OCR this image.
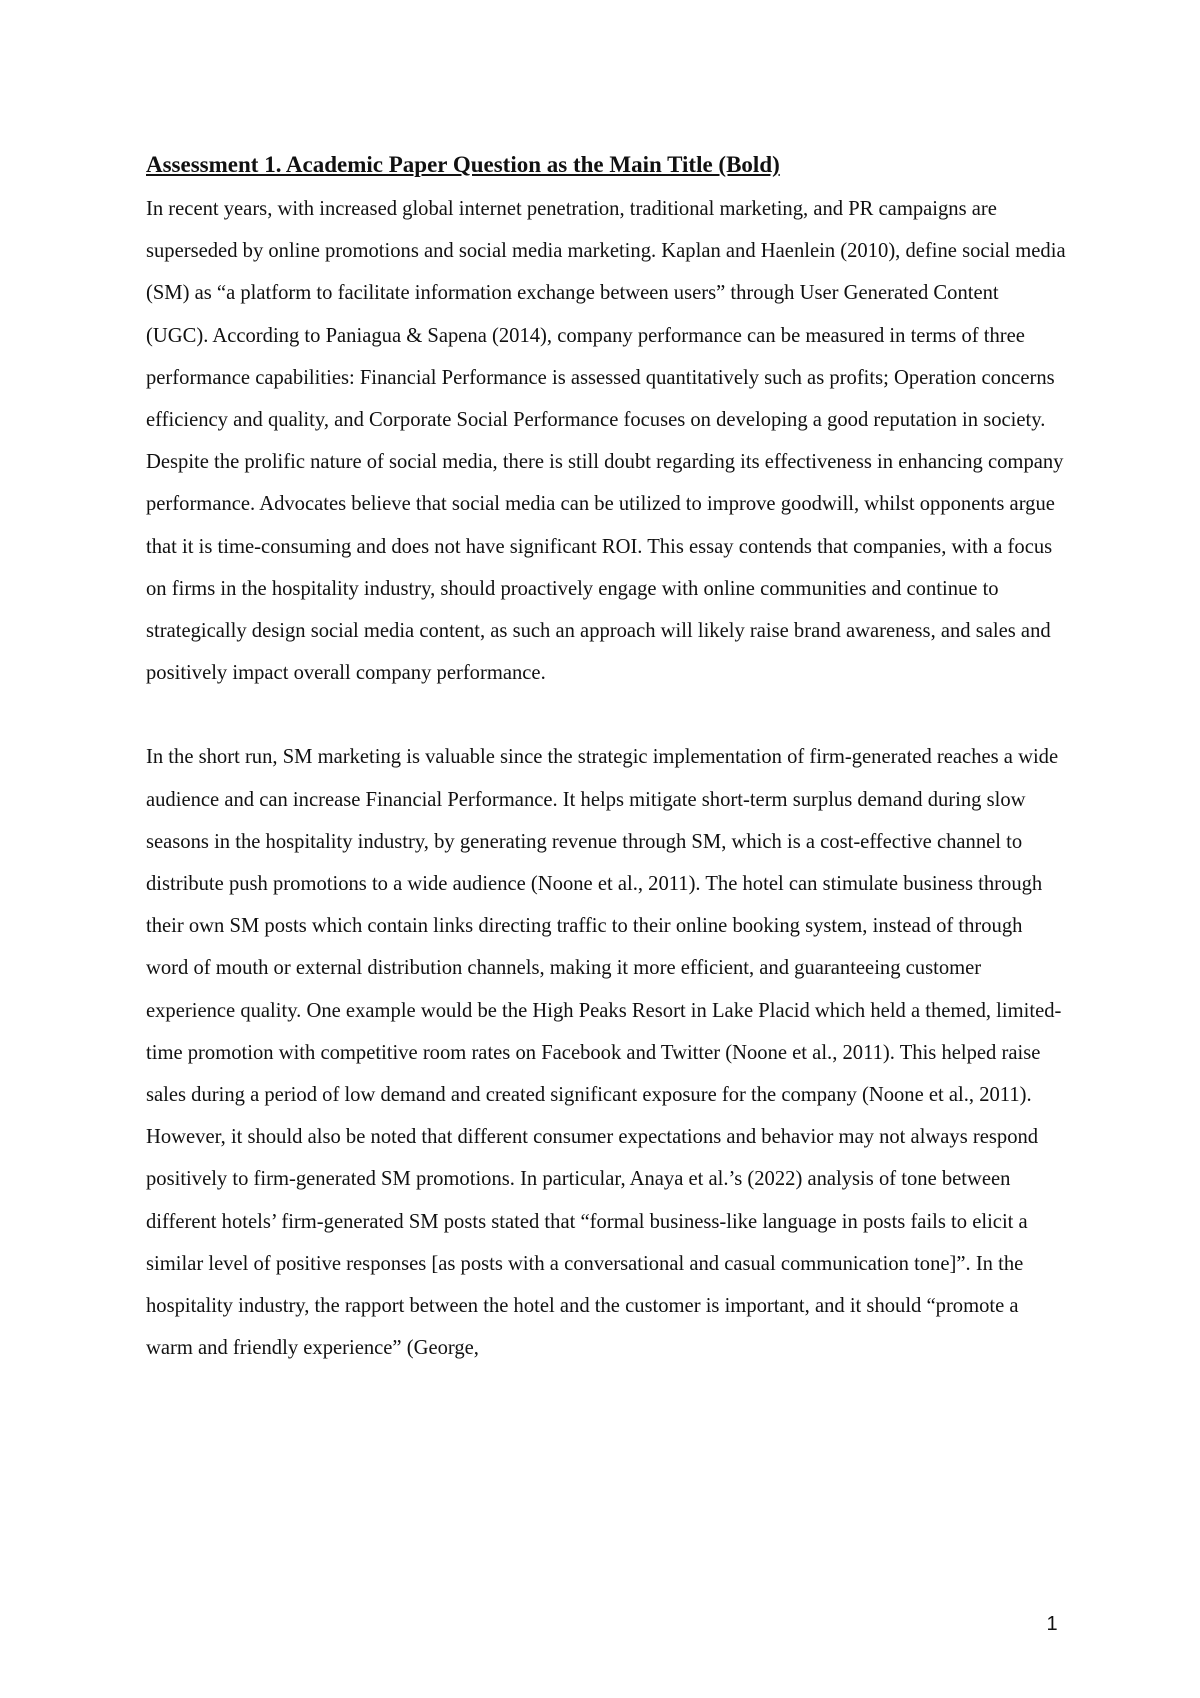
Assessment 1. Academic Paper Question as the Main Title (Bold)

In recent years, with increased global internet penetration, traditional marketing, and PR campaigns are superseded by online promotions and social media marketing. Kaplan and Haenlein (2010), define social media (SM) as “a platform to facilitate information exchange between users” through User Generated Content (UGC). According to Paniagua & Sapena (2014), company performance can be measured in terms of three performance capabilities: Financial Performance is assessed quantitatively such as profits; Operation concerns efficiency and quality, and Corporate Social Performance focuses on developing a good reputation in society. Despite the prolific nature of social media, there is still doubt regarding its effectiveness in enhancing company performance. Advocates believe that social media can be utilized to improve goodwill, whilst opponents argue that it is time-consuming and does not have significant ROI. This essay contends that companies, with a focus on firms in the hospitality industry, should proactively engage with online communities and continue to strategically design social media content, as such an approach will likely raise brand awareness, and sales and positively impact overall company performance.

In the short run, SM marketing is valuable since the strategic implementation of firm-generated reaches a wide audience and can increase Financial Performance. It helps mitigate short-term surplus demand during slow seasons in the hospitality industry, by generating revenue through SM, which is a cost-effective channel to distribute push promotions to a wide audience (Noone et al., 2011). The hotel can stimulate business through their own SM posts which contain links directing traffic to their online booking system, instead of through word of mouth or external distribution channels, making it more efficient, and guaranteeing customer experience quality. One example would be the High Peaks Resort in Lake Placid which held a themed, limited-time promotion with competitive room rates on Facebook and Twitter (Noone et al., 2011). This helped raise sales during a period of low demand and created significant exposure for the company (Noone et al., 2011). However, it should also be noted that different consumer expectations and behavior may not always respond positively to firm-generated SM promotions. In particular, Anaya et al.’s (2022) analysis of tone between different hotels’ firm-generated SM posts stated that “formal business-like language in posts fails to elicit a similar level of positive responses [as posts with a conversational and casual communication tone]”. In the hospitality industry, the rapport between the hotel and the customer is important, and it should “promote a warm and friendly experience” (George,

1
